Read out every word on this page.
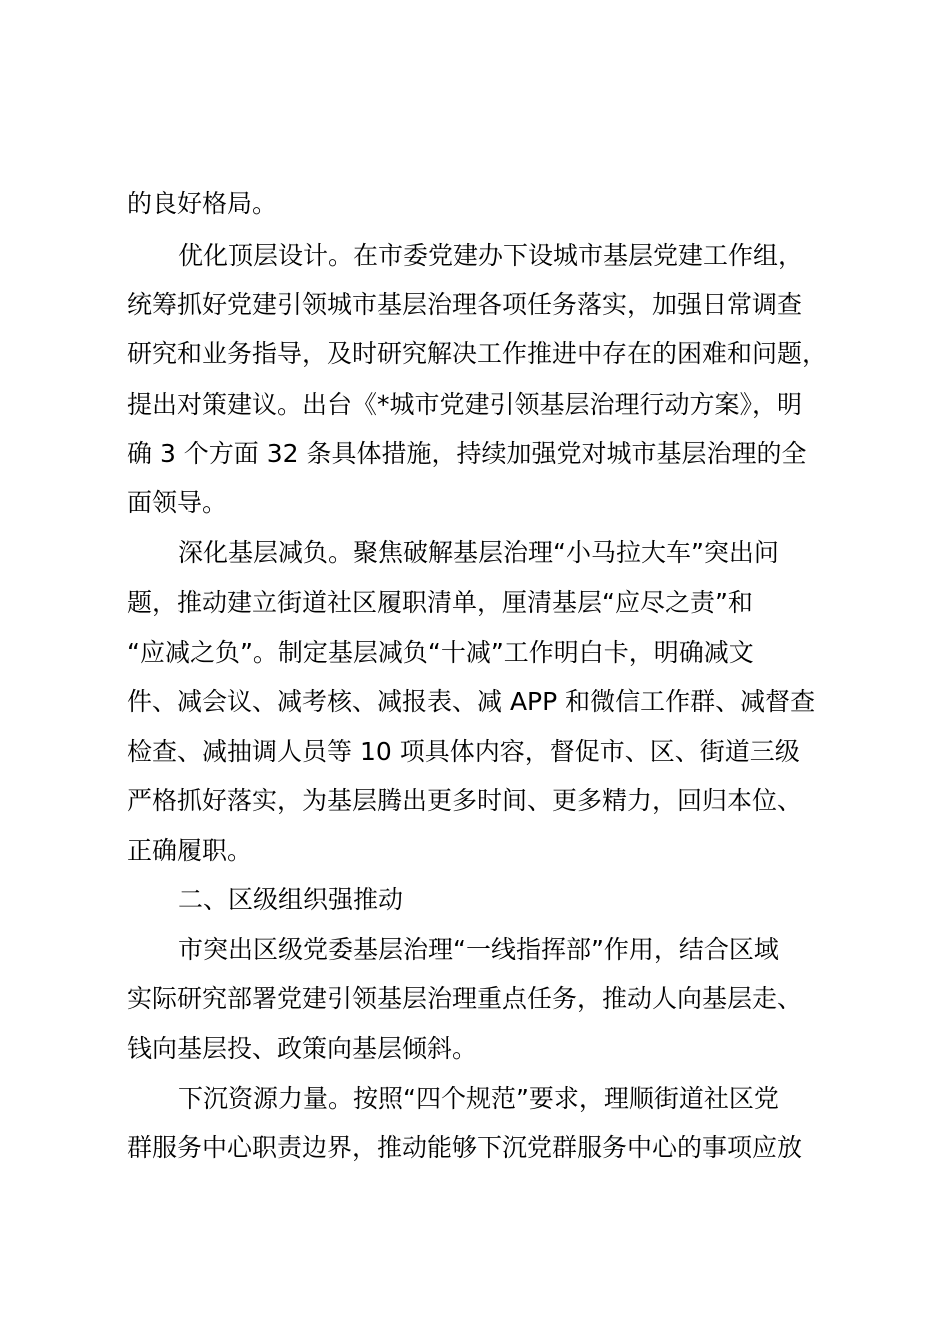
的良好格局。
优化顶层设计。在市委党建办下设城市基层党建工作组，
统筹抓好党建引领城市基层治理各项任务落实，加强日常调查
研究和业务指导，及时研究解决工作推进中存在的困难和问题，
提出对策建议。出台《*城市党建引领基层治理行动方案》，明
确 3 个方面 32 条具体措施，持续加强党对城市基层治理的全
面领导。
深化基层减负。聚焦破解基层治理“小马拉大车”突出问
题，推动建立街道社区履职清单，厘清基层“应尽之责”和
“应减之负”。制定基层减负“十减”工作明白卡，明确减文
件、减会议、减考核、减报表、减 APP 和微信工作群、减督查
检查、减抽调人员等 10 项具体内容，督促市、区、街道三级
严格抓好落实，为基层腾出更多时间、更多精力，回归本位、
正确履职。
二、区级组织强推动
市突出区级党委基层治理“一线指挥部”作用，结合区域
实际研究部署党建引领基层治理重点任务，推动人向基层走、
钱向基层投、政策向基层倾斜。
下沉资源力量。按照“四个规范”要求，理顺街道社区党
群服务中心职责边界，推动能够下沉党群服务中心的事项应放
